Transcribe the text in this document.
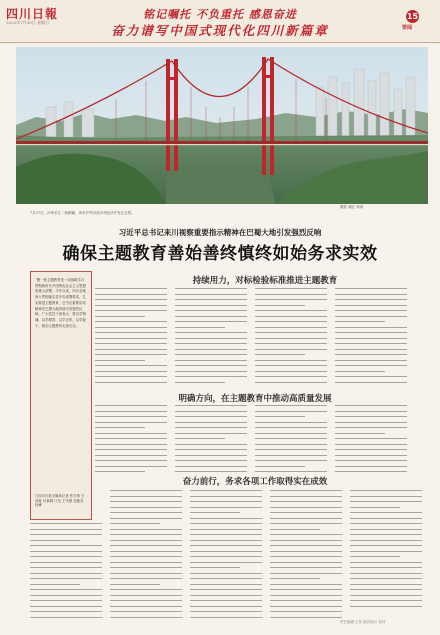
四川日報
2023年7月30日 星期日
铭记嘱托 不负重托 感恩奋进
奋力谱写中国式现代化四川新篇章
15
要闻
摄影 蒲红 杨涛
7月27日，泸州长江二桥俯瞰，该市沪州市滨泸州经济开发区全景。
习近平总书记来川视察重要指示精神在巴蜀大地引发强烈反响
确保主题教育善始善终慎终如始务求实效
“聚一批主题教育是一项战略学习贯彻新时代中国特色社会主义思想的重大部署，今年以来，四川各地深入贯彻落实党中央部署要求，扎实推进主题教育，总书记重要讲话精神在巴蜀大地持续引发强烈反响，广大党员干部表示，要以学铸魂、以学增智、以学正风、以学促干，推动主题教育走深走实。
□四川日报全媒体记者 张守帅 王成栋 付真卿 江龙 王代强 寇敏芳 杜峰
持续用力，对标检验标准推进主题教育
明确方向，在主题教育中推动高质量发展
奋力前行，务求各项工作取得实在成效
责任编辑 王东 版式设计 刘冲
